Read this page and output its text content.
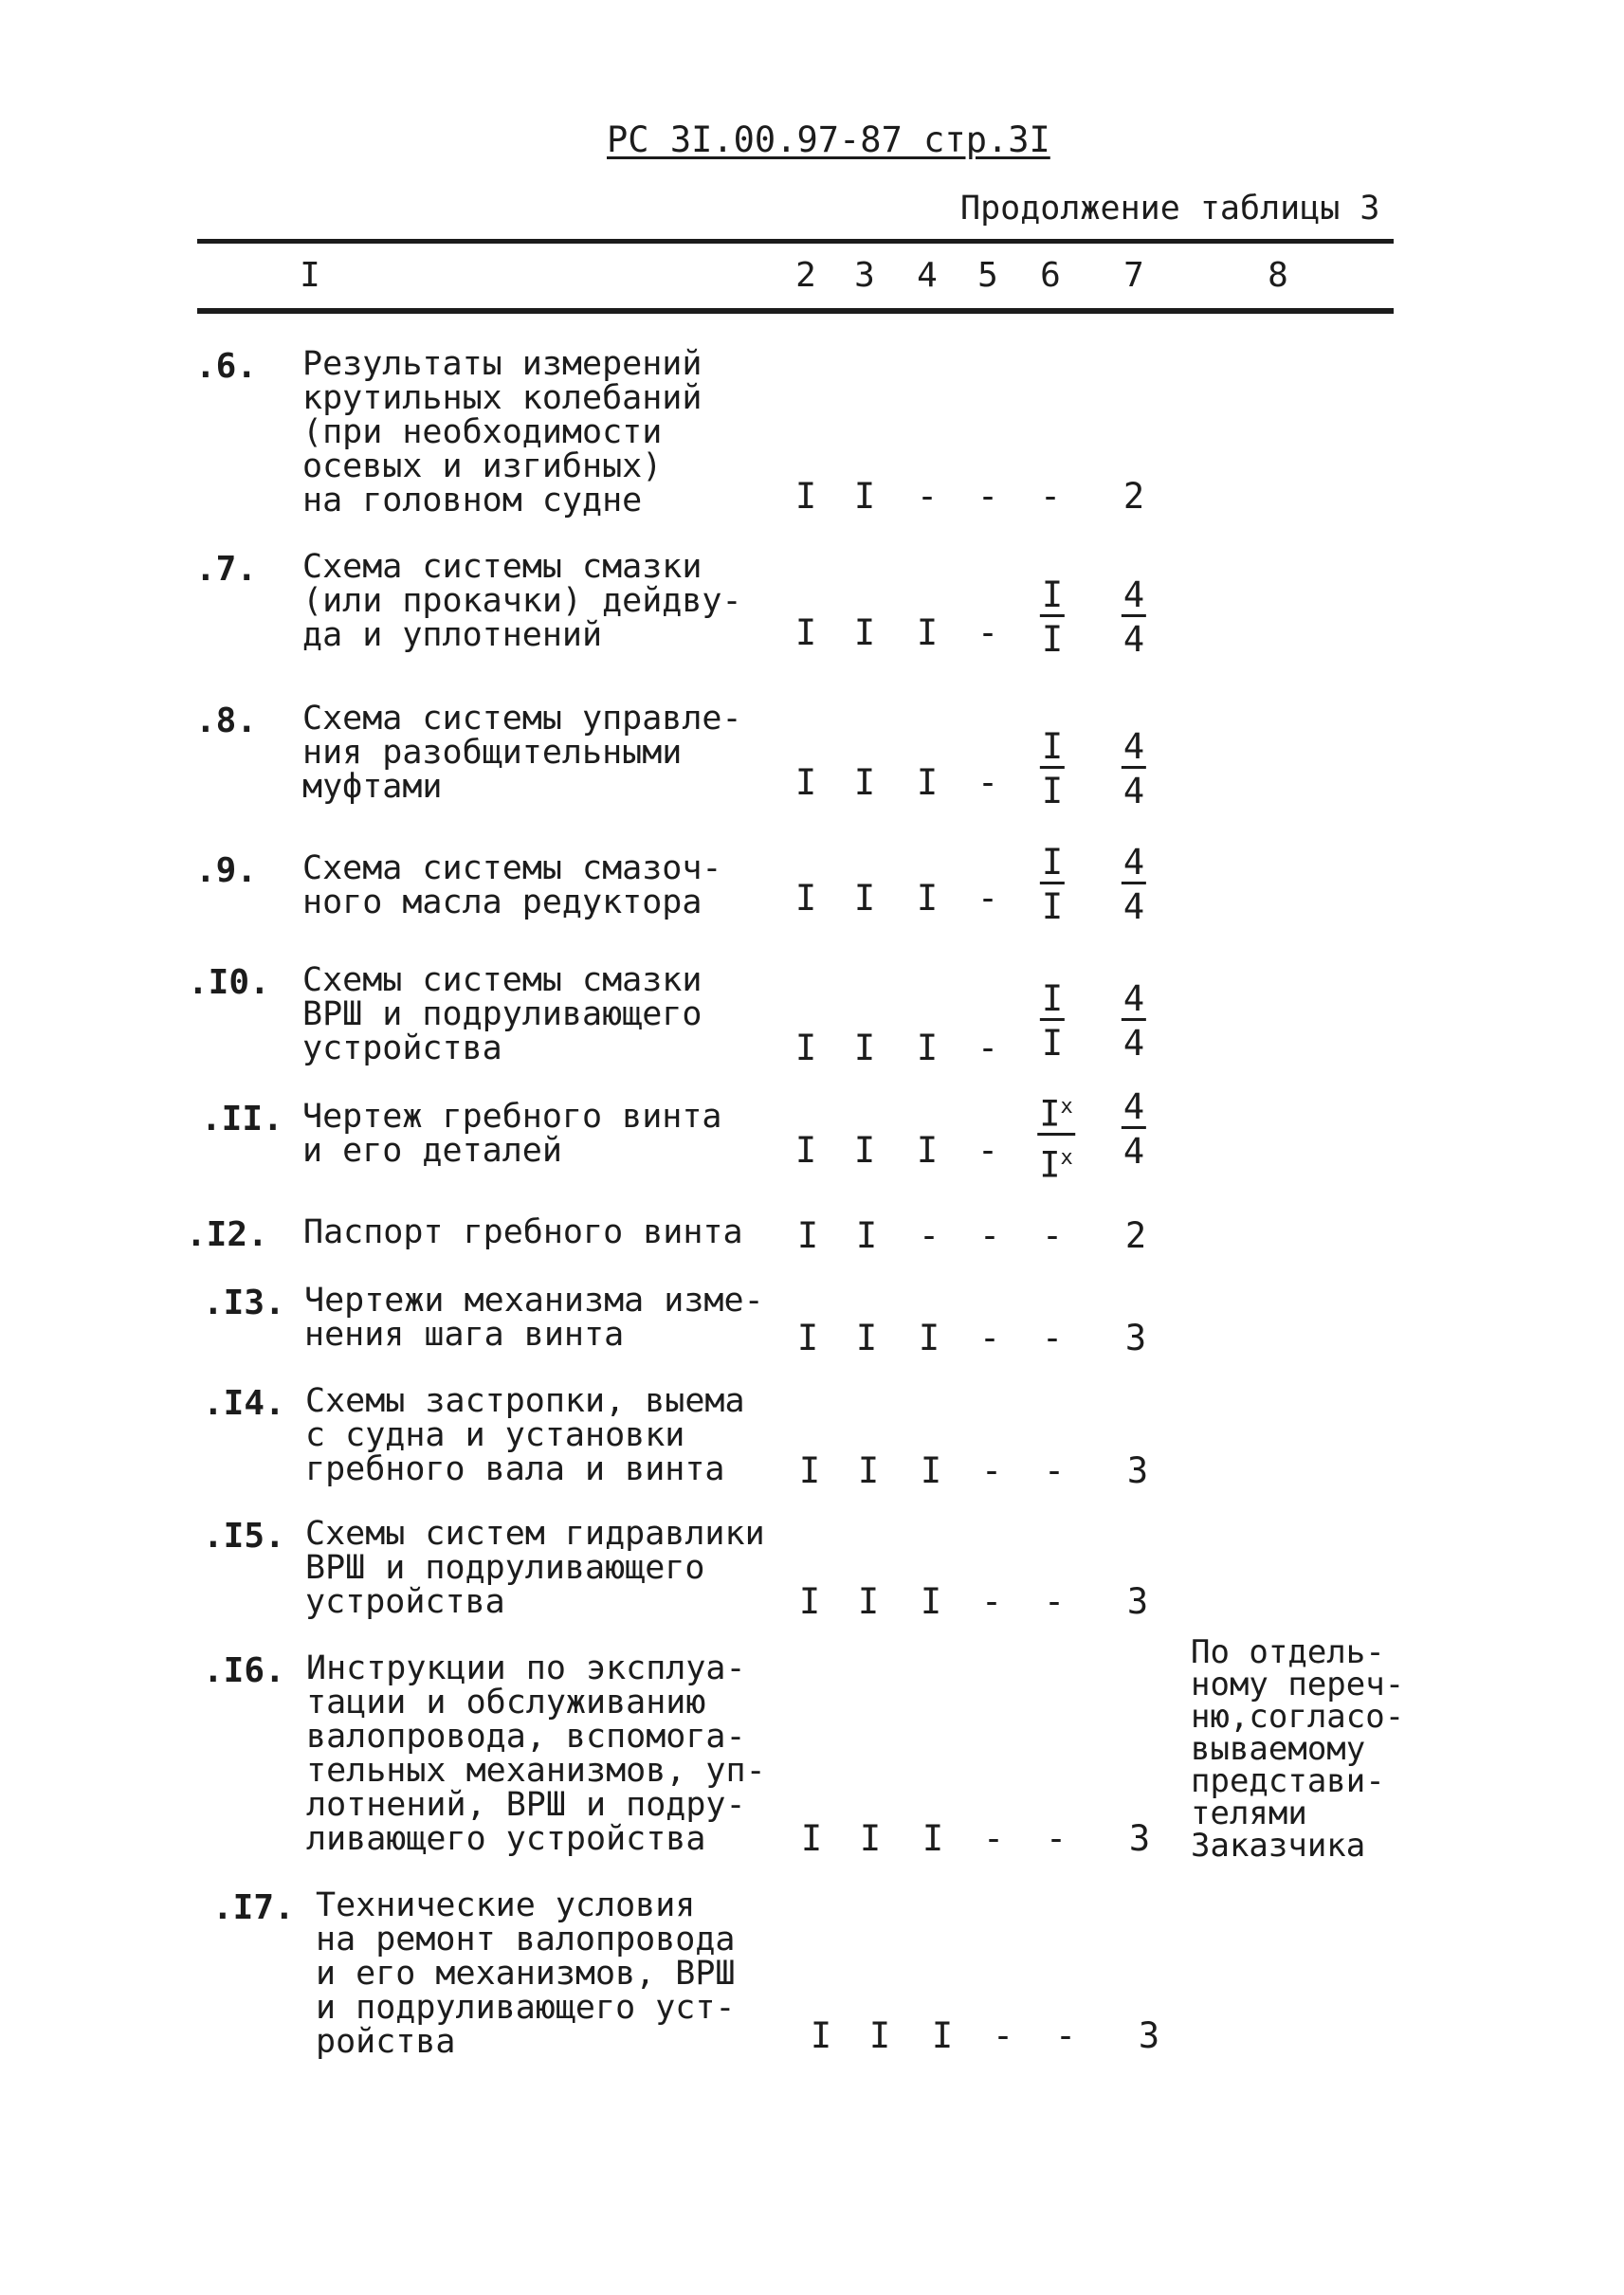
РС 3I.00.97-87 стр.3I
Продолжение таблицы 3
I	2 3 4 5 6 7	8
.6. Результаты измерений
крутильных колебаний
(при необходимости
осевых и изгибных)
на головном судне	I I - - - 2
.7. Схема системы смазки
(или прокачки) дейдву-
да и уплотнений	I I I - $\frac{I}{I} \frac{4}{4}$
.8. Схема системы управле-
ния разобщительными
муфтами	I I I - $\frac{I}{I} \frac{4}{4}$
.9. Схема системы смазоч-
ного масла редуктора	I I I - $\frac{I}{I} \frac{4}{4}$
.I0. Схемы системы смазки
ВРШ и подруливающего
устройства	I I I - $\frac{I}{I} \frac{4}{4}$
.II. Чертеж гребного винта
и его деталей	I I I - $\frac{I^x}{I^x} \frac{4}{4}$
.I2. Паспорт гребного винта I I - - - 2
.I3. Чертежи механизма изме-
нения шага винта	I I I - - 3
.I4. Схемы застропки, выема
с судна и установки
гребного вала и винта	I I I - - 3
.I5. Схемы систем гидравлики
ВРШ и подруливающего
устройства	I I I - - 3
.I6. Инструкции по эксплуа-
тации и обслуживанию
валопровода, вспомога-
тельных механизмов, уп-
лотнений, ВРШ и подру-
ливающего устройства	I I I - - 3
По отдель-
ному переч-
ню,согласо-
вываемому
представи-
телями
Заказчика
.I7. Технические условия
на ремонт валопровода
и его механизмов, ВРШ
и подруливающего уст-
ройства	I I I - - 3
